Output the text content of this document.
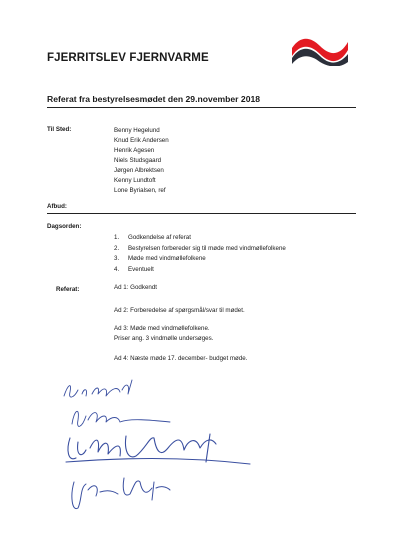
FJERRITSLEV FJERNVARME
Referat fra bestyrelsesmødet den 29.november 2018
Til Sted:	Benny Hegelund
Knud Erik Andersen
Henrik Agesen
Niels Studsgaard
Jørgen Albrektsen
Kenny Lundtoft
Lone Byrialsen, ref
Afbud:
Dagsorden:
1.	Godkendelse af referat
2.	Bestyrelsen forbereder sig til møde med vindmøllefolkene
3.	Møde med vindmøllefolkene
4.	Eventuelt
Referat:	Ad 1: Godkendt
Ad 2: Forberedelse af spørgsmål/svar til mødet.
Ad 3: Møde med vindmøllefolkene.
Priser ang. 3 vindmølle undersøges.
Ad 4: Næste møde 17. december- budget møde.
